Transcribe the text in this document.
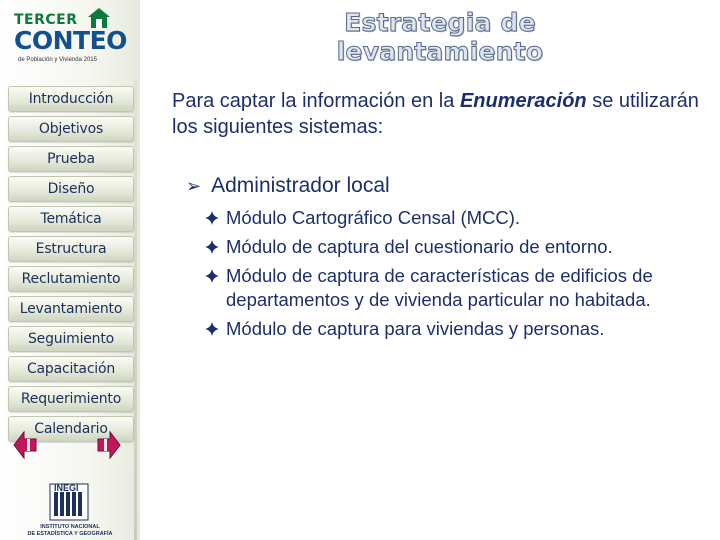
TERCER
CONTEO
de Población y Vivienda 2015
Estrategia de levantamiento
Introducción
Objetivos
Prueba
Diseño
Temática
Estructura
Reclutamiento
Levantamiento
Seguimiento
Capacitación
Requerimiento
Calendario
INEGI
INSTITUTO NACIONAL
DE ESTADÍSTICA Y GEOGRAFÍA

Para captar la información en la Enumeración se utilizarán los siguientes sistemas:

➢ Administrador local
Módulo Cartográfico Censal (MCC).
Módulo de captura del cuestionario de entorno.
Módulo de captura de características de edificios de departamentos y de vivienda particular no habitada.
Módulo de captura para viviendas y personas.
